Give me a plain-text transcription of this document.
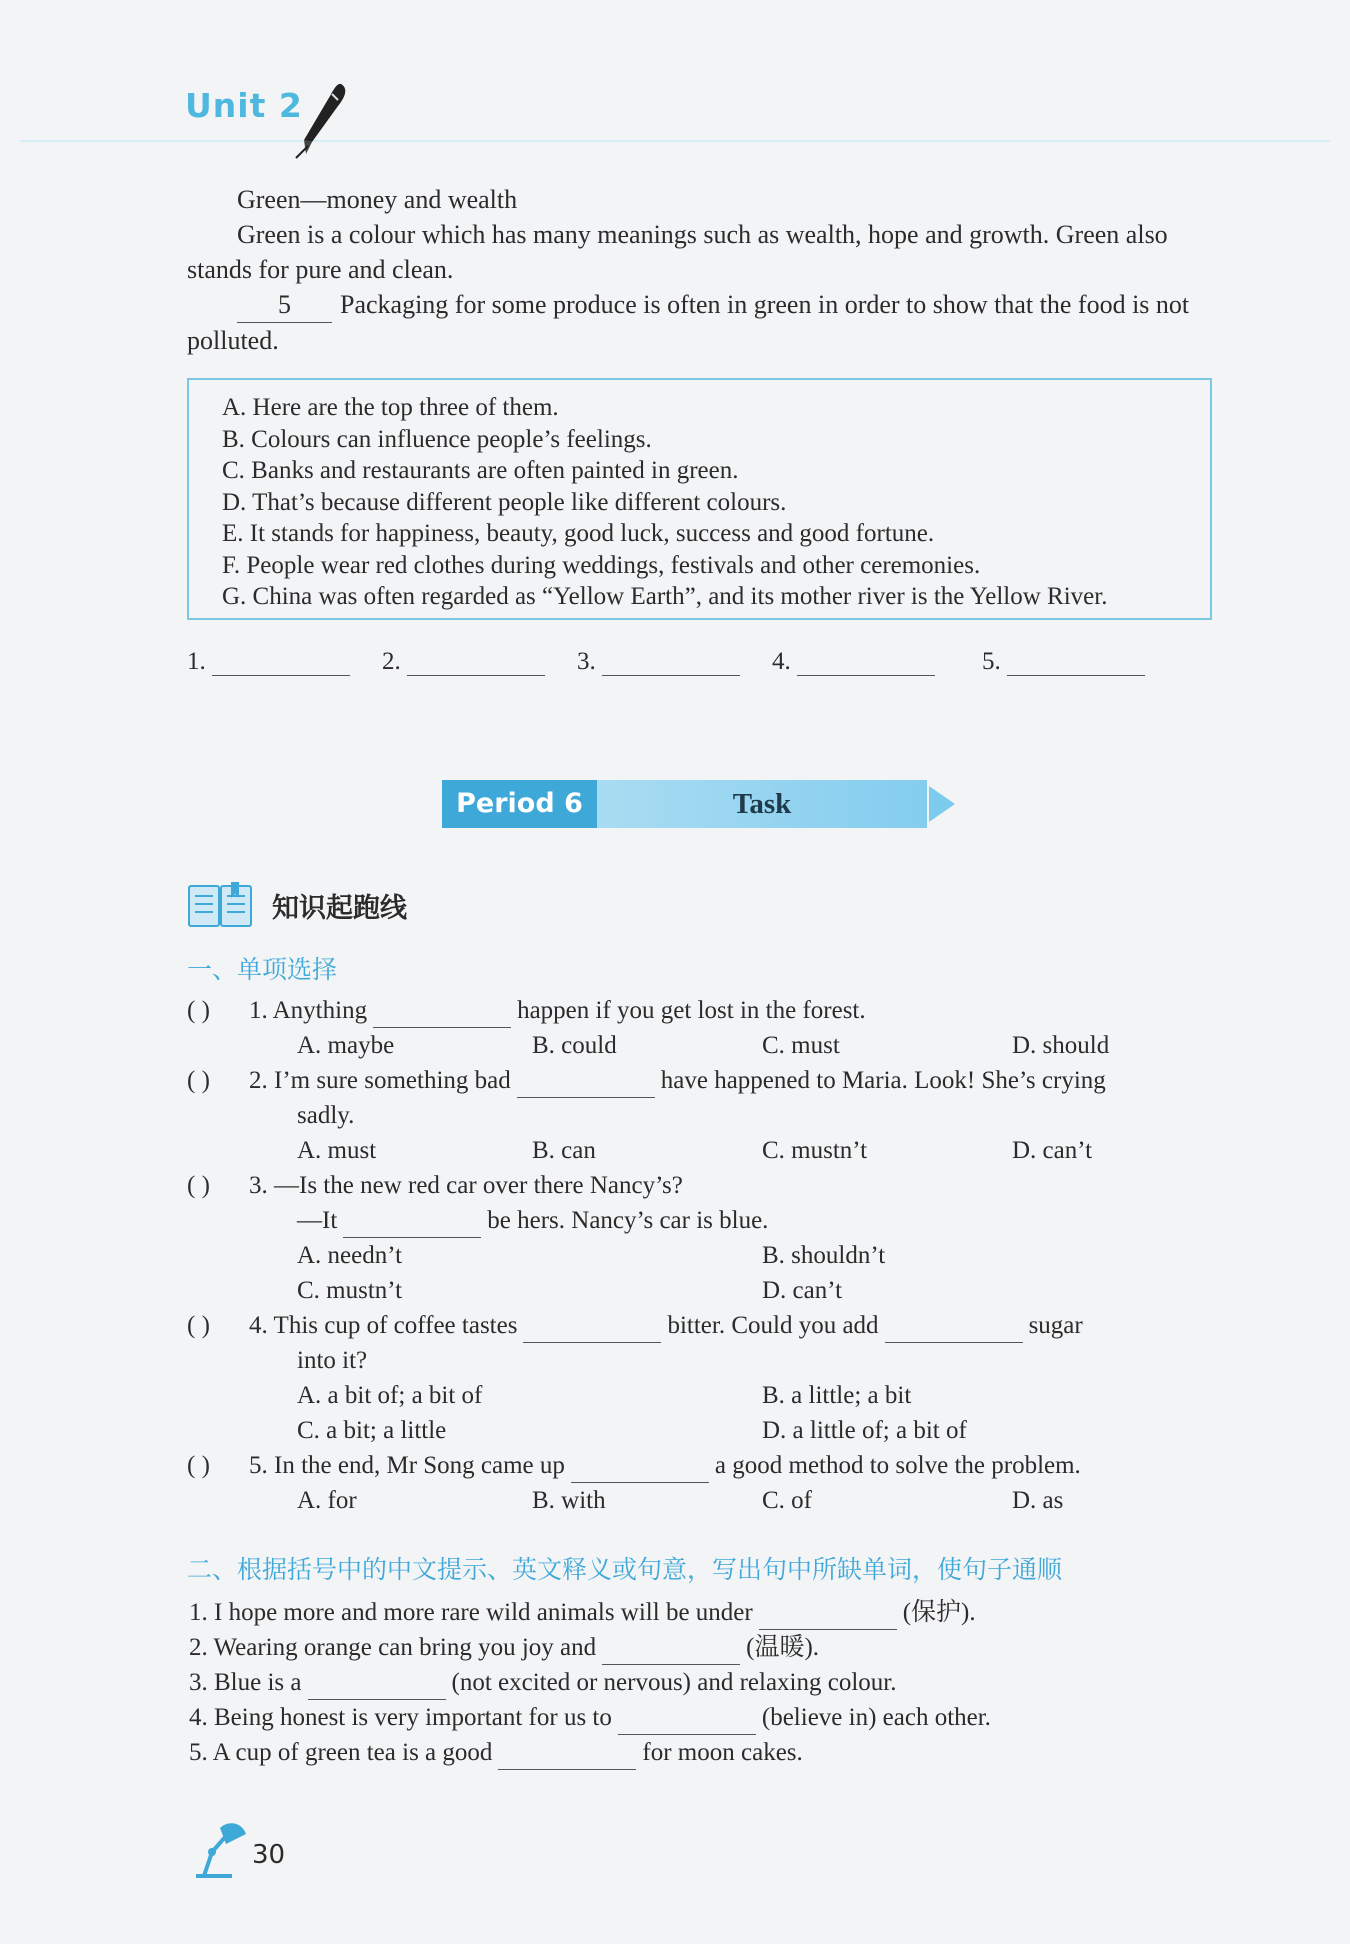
Unit 2

Green—money and wealth

Green is a colour which has many meanings such as wealth, hope and growth. Green also stands for pure and clean.

5 Packaging for some produce is often in green in order to show that the food is not polluted.

A. Here are the top three of them.
B. Colours can influence people’s feelings.
C. Banks and restaurants are often painted in green.
D. That’s because different people like different colours.
E. It stands for happiness, beauty, good luck, success and good fortune.
F. People wear red clothes during weddings, festivals and other ceremonies.
G. China was often regarded as “Yellow Earth”, and its mother river is the Yellow River.
1.	2.	3.	4.	5.
Period 6	Task
知识起跑线
一、单项选择
( ) 1. Anything	happen if you get lost in the forest.
A. maybe	B. could	C. must	D. should
( ) 2. I’m sure something bad	have happened to Maria. Look! She’s crying
sadly.
A. must	B. can	C. mustn’t	D. can’t
( ) 3. —Is the new red car over there Nancy’s?
—It	be hers. Nancy’s car is blue.
A. needn’t	B. shouldn’t
C. mustn’t	D. can’t
( ) 4. This cup of coffee tastes	bitter. Could you add	sugar
into it?
A. a bit of; a bit of	B. a little; a bit
C. a bit; a little	D. a little of; a bit of
( ) 5. In the end, Mr Song came up	a good method to solve the problem.
A. for	B. with	C. of	D. as
二、根据括号中的中文提示、英文释义或句意，写出句中所缺单词，使句子通顺
1. I hope more and more rare wild animals will be under	(保护).
2. Wearing orange can bring you joy and	(温暖).
3. Blue is a	(not excited or nervous) and relaxing colour.
4. Being honest is very important for us to	(believe in) each other.
5. A cup of green tea is a good	for moon cakes.
30
